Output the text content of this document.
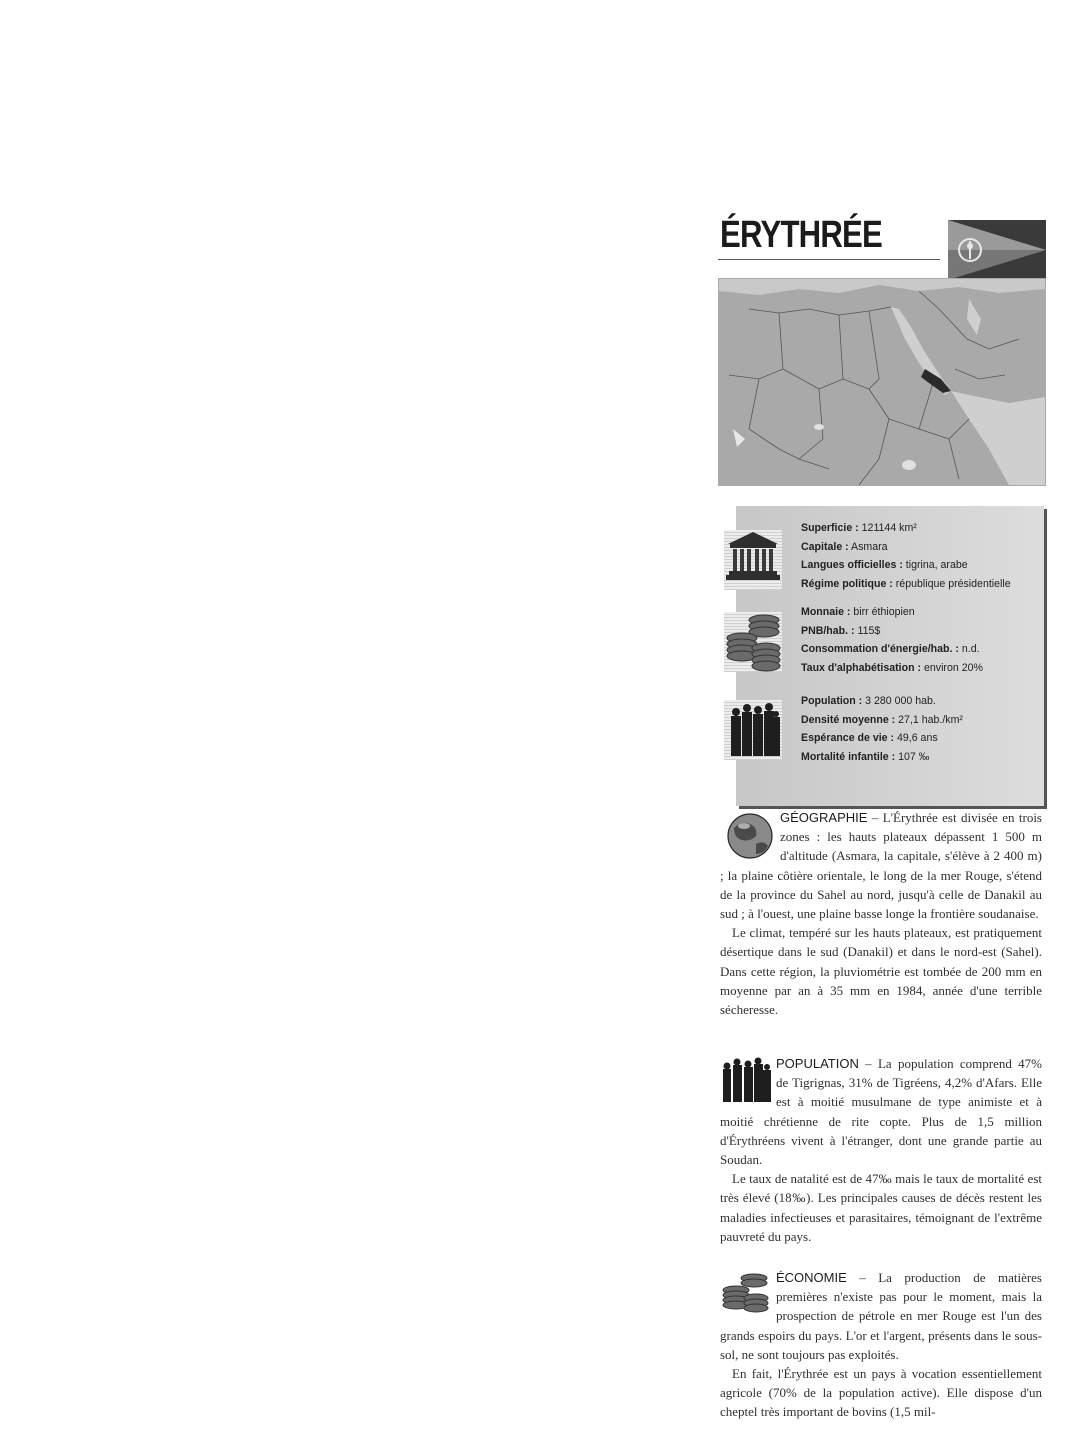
ÉRYTHRÉE
Superficie : 121144 km²
Capitale : Asmara
Langues officielles : tigrina, arabe
Régime politique : république présidentielle
Monnaie : birr éthiopien
PNB/hab. : 115$
Consommation d'énergie/hab. : n.d.
Taux d'alphabétisation : environ 20%
Population : 3 280 000 hab.
Densité moyenne : 27,1 hab./km²
Espérance de vie : 49,6 ans
Mortalité infantile : 107 ‰

GÉOGRAPHIE – L'Érythrée est divisée en trois zones : les hauts plateaux dépassent 1 500 m d'altitude (Asmara, la capitale, s'élève à 2 400 m) ; la plaine côtière orientale, le long de la mer Rouge, s'étend de la province du Sahel au nord, jusqu'à celle de Danakil au sud ; à l'ouest, une plaine basse longe la frontière soudanaise.

Le climat, tempéré sur les hauts plateaux, est pratiquement désertique dans le sud (Danakil) et dans le nord-est (Sahel). Dans cette région, la pluviométrie est tombée de 200 mm en moyenne par an à 35 mm en 1984, année d'une terrible sécheresse.

POPULATION – La population comprend 47% de Tigrignas, 31% de Tigréens, 4,2% d'Afars. Elle est à moitié musulmane de type animiste et à moitié chrétienne de rite copte. Plus de 1,5 million d'Érythréens vivent à l'étranger, dont une grande partie au Soudan.

Le taux de natalité est de 47‰ mais le taux de mortalité est très élevé (18‰). Les principales causes de décès restent les maladies infectieuses et parasitaires, témoignant de l'extrême pauvreté du pays.

ÉCONOMIE – La production de matières premières n'existe pas pour le moment, mais la prospection de pétrole en mer Rouge est l'un des grands espoirs du pays. L'or et l'argent, présents dans le sous-sol, ne sont toujours pas exploités.

En fait, l'Érythrée est un pays à vocation essentiellement agricole (70% de la population active). Elle dispose d'un cheptel très important de bovins (1,5 mil-
